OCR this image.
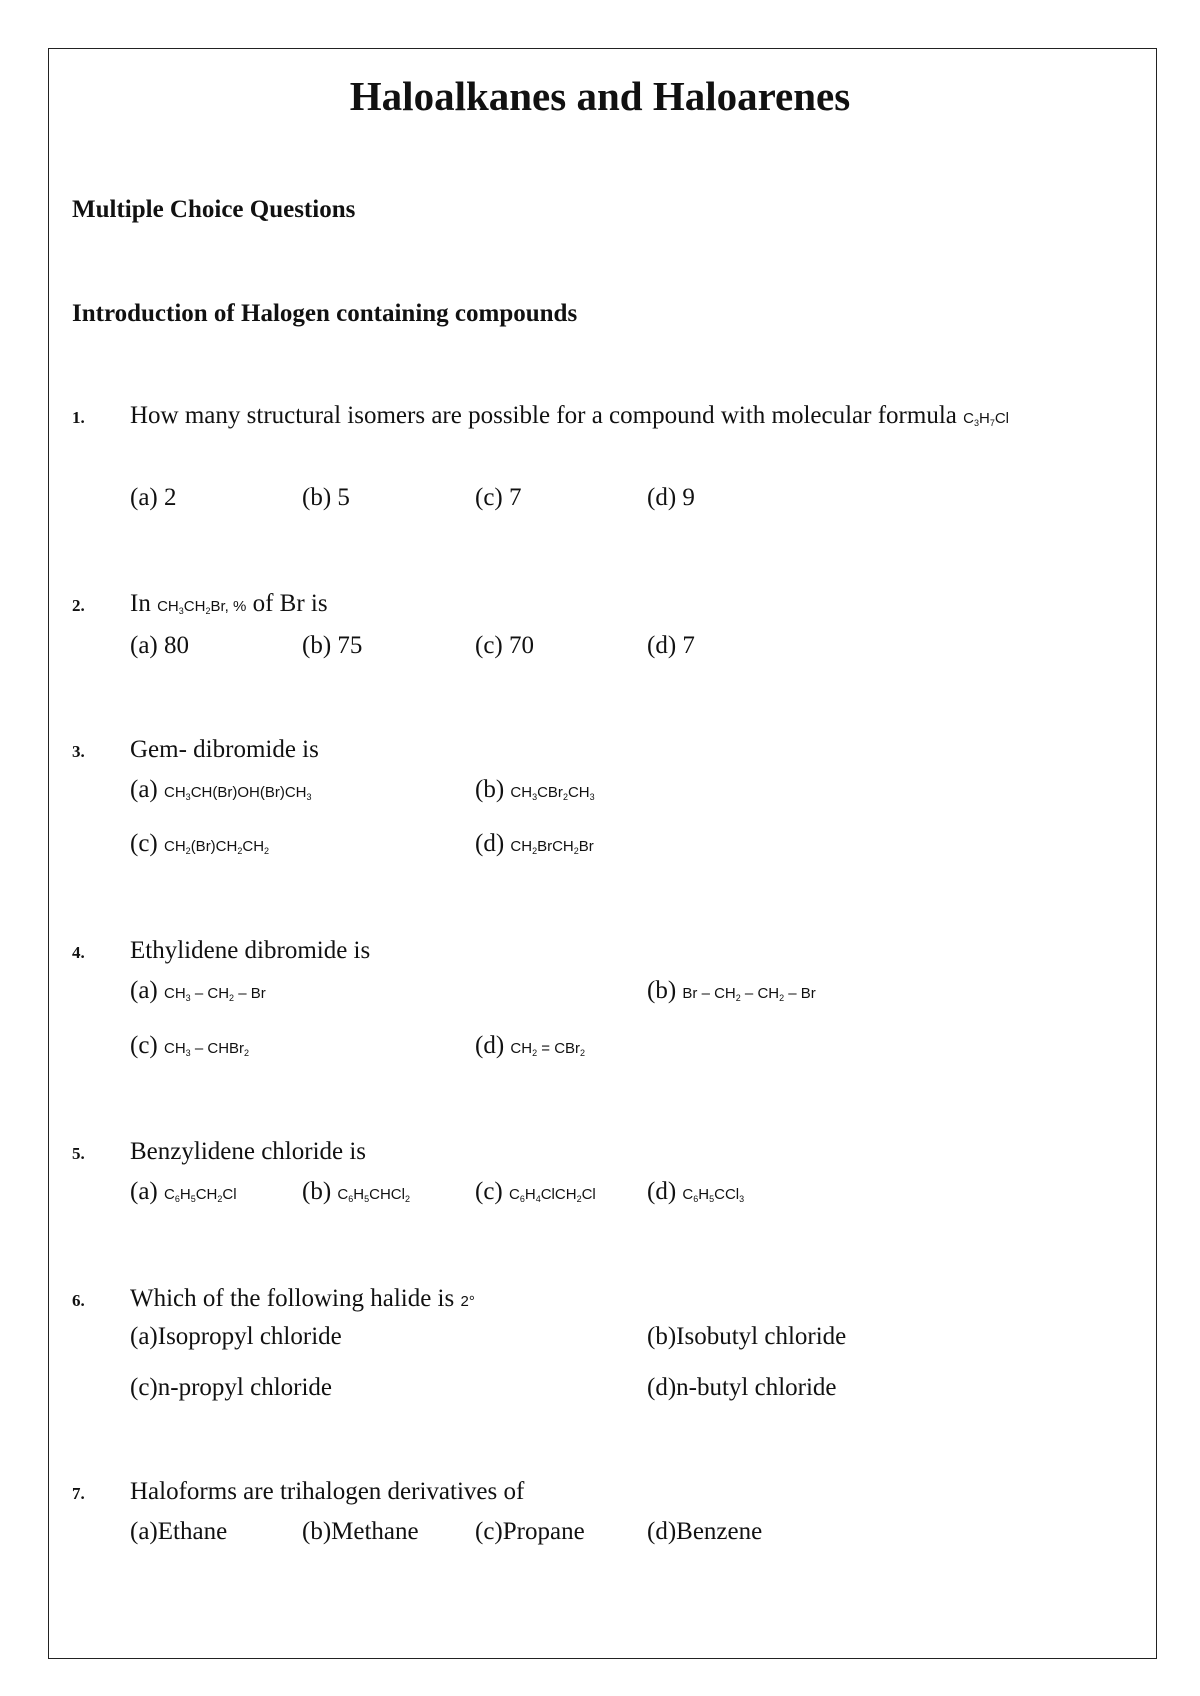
Haloalkanes and Haloarenes
Multiple Choice Questions
Introduction of Halogen containing compounds
1. How many structural isomers are possible for a compound with molecular formula $C_3H_7Cl$
(a) 2	(b) 5	(c) 7	(d) 9
2. In $CH_3CH_2Br$, % of Br is
(a) 80	(b) 75	(c) 70	(d) 7
3. Gem- dibromide is
(a) $CH_3CH(Br)OH(Br)CH_3$	(b) $CH_3CBr_2CH_3$
(c) $CH_2(Br)CH_2CH_2$	(d) $CH_2BrCH_2Br$
4. Ethylidene dibromide is
(a) $CH_3 - CH_2$ – Br	(b) Br – $CH_2 - CH_2$ – Br
(c) $CH_3$ – CHBr$_2$	(d) $CH_2 = CBr_2$
5. Benzylidene chloride is
(a) $C_6H_5CH_2Cl$	(b) $C_6H_5CHCl_2$	(c) $C_6H_4ClCH_2Cl$ (d) $C_6H_5CCl_3$
6. Which of the following halide is 2°
(a)Isopropyl chloride	(b)Isobutyl chloride
(c)n-propyl chloride	(d)n-butyl chloride
7. Haloforms are trihalogen derivatives of
(a)Ethane	(b)Methane (c)Propane (d)Benzene
